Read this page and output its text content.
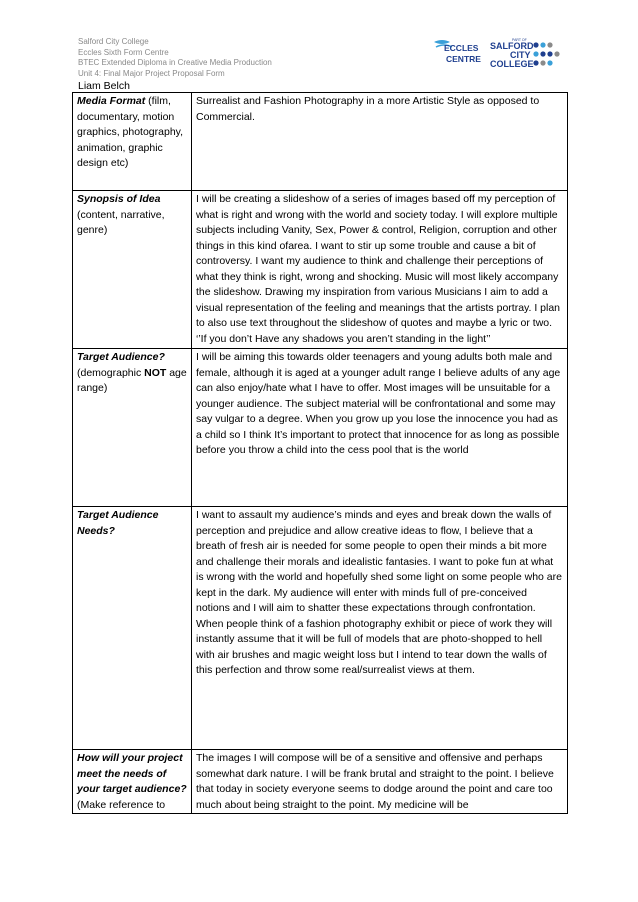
Salford City College
Eccles Sixth Form Centre
BTEC Extended Diploma in Creative Media Production
Unit 4: Final Major Project Proposal Form
Liam Belch
ECCLES
CENTRE
PART OF
SALFORD
CITY
COLLEGE
Media Format (film, documentary, motion graphics, photography, animation, graphic design etc)	Surrealist and Fashion Photography in a more Artistic Style as opposed to Commercial.
Synopsis of Idea (content, narrative, genre)	I will be creating a slideshow of a series of images based off my perception of what is right and wrong with the world and society today. I will explore multiple subjects including Vanity, Sex, Power & control, Religion, corruption and other things in this kind ofarea. I want to stir up some trouble and cause a bit of controversy. I want my audience to think and challenge their perceptions of what they think is right, wrong and shocking. Music will most likely accompany the slideshow. Drawing my inspiration from various Musicians I aim to add a visual representation of the feeling and meanings that the artists portray. I plan to also use text throughout the slideshow of quotes and maybe a lyric or two. ‘’If you don’t Have any shadows you aren’t standing in the light’’
Target Audience? (demographic NOT age range)	I will be aiming this towards older teenagers and young adults both male and female, although it is aged at a younger adult range I believe adults of any age can also enjoy/hate what I have to offer. Most images will be unsuitable for a younger audience. The subject material will be confrontational and some may say vulgar to a degree. When you grow up you lose the innocence you had as a child so I think It’s important to protect that innocence for as long as possible before you throw a child into the cess pool that is the world
Target Audience Needs?	I want to assault my audience’s minds and eyes and break down the walls of perception and prejudice and allow creative ideas to flow, I believe that a breath of fresh air is needed for some people to open their minds a bit more and challenge their morals and idealistic fantasies. I want to poke fun at what is wrong with the world and hopefully shed some light on some people who are kept in the dark. My audience will enter with minds full of pre-conceived notions and I will aim to shatter these expectations through confrontation. When people think of a fashion photography exhibit or piece of work they will instantly assume that it will be full of models that are photo-shopped to hell with air brushes and magic weight loss but I intend to tear down the walls of this perfection and throw some real/surrealist views at them.
How will your project meet the needs of your target audience? (Make reference to	The images I will compose will be of a sensitive and offensive and perhaps somewhat dark nature. I will be frank brutal and straight to the point. I believe that today in society everyone seems to dodge around the point and care too much about being straight to the point. My medicine will be
